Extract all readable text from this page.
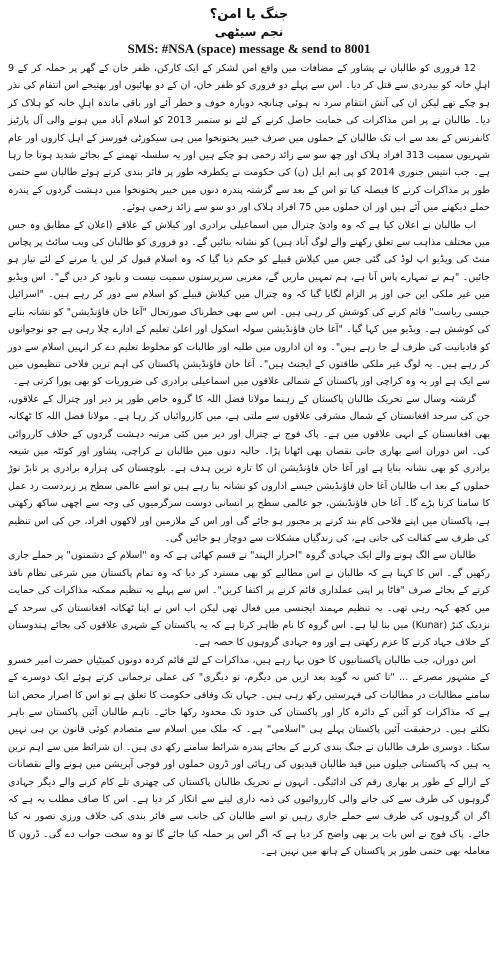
جنگ یا امن؟
نجم سیٹھی
SMS: #NSA (space) message & send to 8001

12 فروری کو طالبان نے پشاور کے مضافات میں واقع امن لشکر کے ایک کارکن، ظفر خان کے گھر پر حملہ کر کے 9 اہلِ خانہ کو بیدردی سے قتل کر دیا۔ اس سے پہلے دو فروری کو ظفر خان، ان کے دو بھائیوں اور بھتیجے اس انتقام کی نذر ہو چکے تھے لیکن ان کی آتش انتقام سرد نہ ہوئی چنانچہ دوبارہ خوف و خطر آئے اور باقی ماندہ اہلِ خانہ کو ہلاک کر دیا۔ طالبان نے پر امن مذاکرات کی حمایت حاصل کرنے کے لئے نو ستمبر 2013 کو اسلام آباد میں ہونے والی آل پارٹیز کانفرنس کے بعد سے اب تک طالبان کے حملوں میں صرف خیبر پختونخوا میں ہی سیکورٹی فورسز کے اہل کاروں اور عام شہریوں سمیت 313 افراد ہلاک اور چھ سو سے زائد زخمی ہو چکے ہیں اور یہ سلسلہ تھمنے کے بجائے شدید ہوتا جا رہا ہے۔ جب انتیس جنوری 2014 کو پی ایم ایل (ن) کی حکومت نے یکطرفہ طور پر فائر بندی کرتے ہوئے طالبان سے حتمی طور پر مذاکرات کرنے کا فیصلہ کیا تو اس کے بعد سے گزشتہ پندرہ دنوں میں خیبر پختونخوا میں دہشت گردوں کے پندرہ حملے دیکھنے میں آئے ہیں اور ان حملوں میں 75 افراد ہلاک اور دو سو سے زائد زخمی ہوئے۔

اب طالبان نے اعلان کیا ہے کہ وہ وادیٔ چترال میں اسماعیلی برادری اور کیلاش کے علاقے (اعلان کے مطابق وہ جس میں مختلف مذاہب سے تعلق رکھنے والے لوگ آباد ہیں) کو نشانہ بنائیں گے۔ دو فروری کو طالبان کی ویب سائٹ پر پچاس منٹ کی ویڈیو اپ لوڈ کی گئی جس میں کیلاش قبیلے کو حکم دیا گیا کہ وہ اسلام قبول کر لیں یا مرنے کے لئے تیار ہو جائیں۔ "ہم نے تمہارے پاس آنا ہے، ہم تمہیں ماریں گے، مغربی سرپرستوں سمیت نیست و نابود کر دیں گے"۔ اس ویڈیو میں غیر ملکی این جی اوز پر الزام لگایا گیا کہ وہ چترال میں کیلاش قبیلے کو اسلام سے دور کر رہے ہیں۔ "اسرائیل جیسی ریاست" قائم کرنے کی کوشش کر رہی ہیں۔ اس سے بھی خطرناک صورتحال "آغا خان فاؤنڈیشن" کو نشانہ بنانے کی کوشش ہے۔ ویڈیو میں کہا گیا۔ "آغا خان فاؤنڈیشن سولہ اسکول اور اعلیٰ تعلیم کے ادارے چلا رہی ہے جو نوجوانوں کو قادیانیت کی طرف لے جا رہے ہیں"۔ وہ ان اداروں میں طلبہ اور طالبات کو مخلوط تعلیم دے کر انہیں اسلام سے دور کر رہے ہیں۔ یہ لوگ غیر ملکی طاقتوں کے ایجنٹ ہیں"۔ آغا خان فاؤنڈیشن پاکستان کی اہم ترین فلاحی تنظیموں میں سے ایک ہے اور یہ وہ کراچی اور پاکستان کے شمالی علاقوں میں اسماعیلی برادری کی ضروریات کو بھی پورا کرتی ہے۔

گزشتہ وسال سے تحریک طالبان پاکستان کے رہنما مولانا فضل اللہ کا گروہ خاص طور پر دیر اور چترال کے علاقوں، جن کی سرحد افغانستان کے شمال مشرقی علاقوں سے ملتی ہے، میں کارروائیاں کر رہا ہے۔ مولانا فضل اللہ کا ٹھکانہ بھی افغانستان کے انہی علاقوں میں ہے۔ پاک فوج نے چترال اور دیر میں کئی مرتبہ دہشت گردوں کے خلاف کارروائی کی۔ اس دوران اسے بھاری جانی نقصان بھی اٹھانا پڑا۔ حالیہ دنوں میں طالبان نے کراچی، پشاور اور کوئٹہ میں شیعہ برادری کو بھی نشانہ بنایا ہے اور آغا خان فاؤنڈیشن ان کا تازہ ترین ہدف ہے۔ بلوچستان کی ہزارہ برادری پر تابڑ توڑ حملوں کے بعد اب طالبان آغا خان فاؤنڈیشن جیسے اداروں کو نشانہ بنا رہے ہیں تو اسے عالمی سطح پر زبردست رد عمل کا سامنا کرنا پڑے گا۔ آغا خان فاؤنڈیشن، جو عالمی سطح پر انسانی دوست سرگرمیوں کی وجہ سے اچھی ساکھ رکھتی ہے، پاکستان میں اپنے فلاحی کام بند کرنے پر مجبور ہو جائے گی اور اس کے ملازمین اور لاکھوں افراد، جن کی اس تنظیم کی طرف سے کفالت کی جاتی ہے، کی زندگیاں مشکلات سے دوچار ہو جائیں گی۔

طالبان سے الگ ہونے والے ایک جہادی گروہ "احرار الہند" نے قسم کھائی ہے کہ وہ "اسلام کے دشمنوں" پر حملے جاری رکھیں گے۔ اس کا کہنا ہے کہ طالبان نے اس مطالبے کو بھی مسترد کر دیا کہ وہ تمام پاکستان میں شرعی نظام نافذ کرنے کے بجائے صرف "فاٹا پر اپنی عملداری قائم کرنے پر اکتفا کریں"۔ اس سے پہلے یہ تنظیم ممکنہ مذاکرات کی حمایت میں کچھ کہہ رہی تھی۔ یہ تنظیم مہمند ایجنسی میں فعال تھی لیکن اب اس نے اپنا ٹھکانہ افغانستان کی سرحد کے نزدیک کنڑ (Kunar) میں بنا لیا ہے۔ اس گروہ کا نام ظاہر کرتا ہے کہ یہ پاکستان کے شہری علاقوں کی بجائے ہندوستان کے خلاف جہاد کرنے کا عزم رکھتی ہے اور وہ جہادی گروہوں کا حصہ ہے۔

اس دوران، جب طالبان پاکستانیوں کا خون بہا رہے ہیں، مذاکرات کے لئے قائم کردہ دونوں کمیٹیاں حضرت امیر خسرو کے مشہور مصرعے ... "تا کس نہ گوید بعد ازیں من دیگرم، تو دیگری" کی عملی ترجمانی کرتے ہوئے ایک دوسرے کے سامنے مطالبات در مطالبات کی فہرستیں رکھ رہی ہیں۔ جہاں تک وفاقی حکومت کا تعلق ہے تو اس کا اصرار محض اتنا ہے کہ مذاکرات کو آئین کے دائرہ کار اور پاکستان کی حدود تک محدود رکھا جائے۔ تاہم طالبان آئین پاکستان سے باہر نکلتے ہیں۔ درحقیقت آئین پاکستان پہلے ہی "اسلامی" ہے۔ کہ ملک میں اسلام سے متصادم کوئی قانون بن ہی نہیں سکتا۔ دوسری طرف طالبان نے جنگ بندی کرنے کے بجائے پندرہ شرائط سامنے رکھ دی ہیں۔ ان شرائط میں سے اہم ترین یہ ہیں کہ پاکستانی جیلوں میں قید طالبان قیدیوں کی رہائی اور ڈرون حملوں اور فوجی آپریشن میں ہونے والے نقصانات کے ازالے کے طور پر بھاری رقم کی ادائیگی۔ انہوں نے تحریک طالبان پاکستان کی چھتری تلے کام کرنے والے دیگر جہادی گروہوں کی طرف سے کی جانے والی کارروائیوں کی ذمہ داری لینے سے انکار کر دیا ہے۔ اس کا صاف مطلب یہ ہے کہ اگر ان گروہوں کی طرف سے حملے جاری رہیں تو اسے طالبان کی جانب سے فائر بندی کی خلاف ورزی تصور نہ کیا جائے۔ پاک فوج نے اس بات پر بھی واضح کر دیا ہے کہ اگر اس پر حملہ کیا جائے گا تو وہ سخت جواب دے گی۔ ڈرون کا معاملہ بھی حتمی طور پر پاکستان کے ہاتھ میں نہیں ہے۔
